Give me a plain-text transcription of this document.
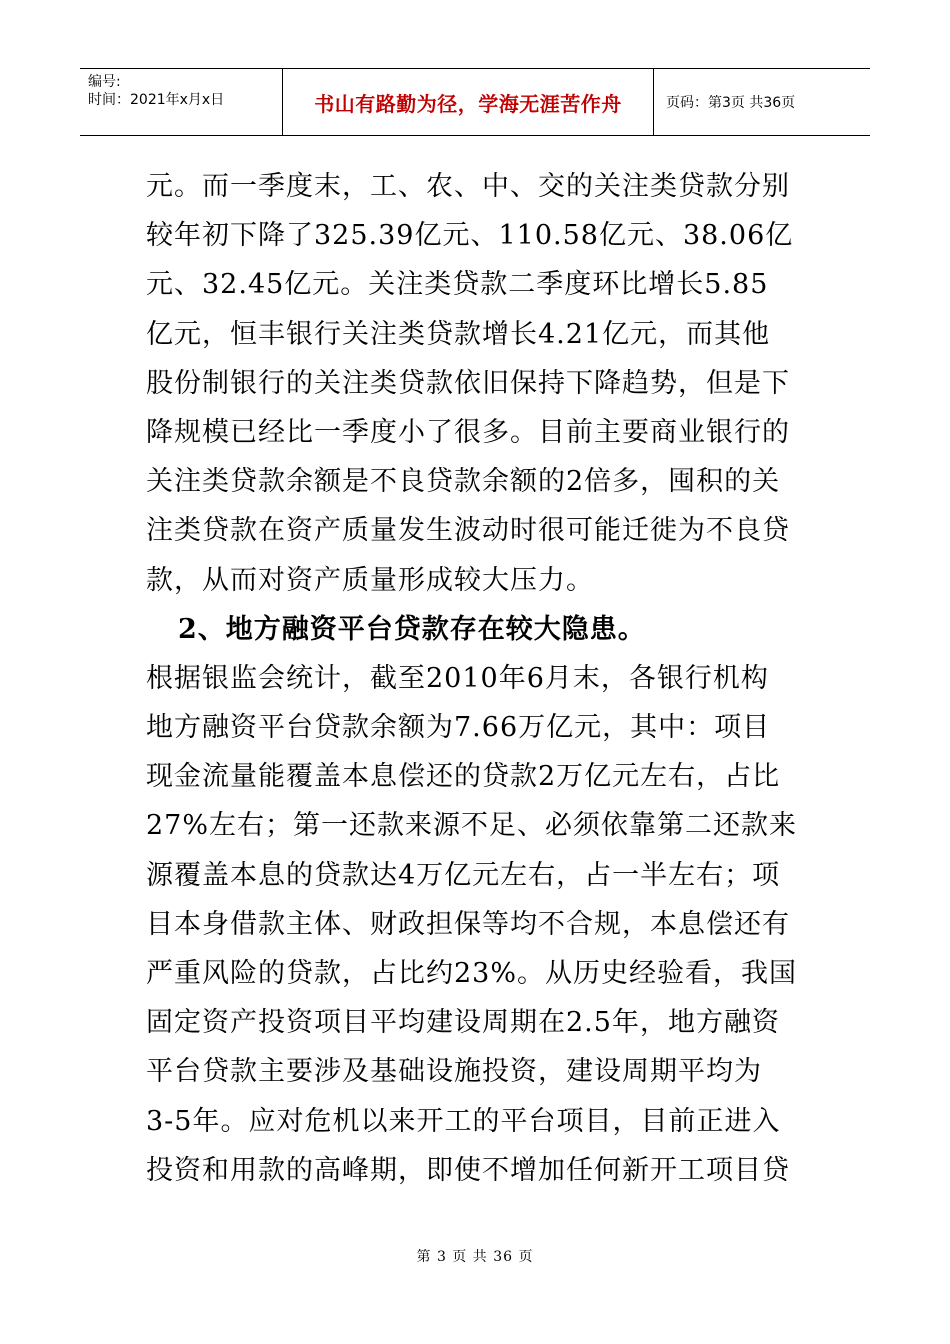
编号:
时间：2021年x月x日	书山有路勤为径，学海无涯苦作舟	页码：第3页 共36页
元。而一季度末，工、农、中、交的关注类贷款分别
较年初下降了325.39亿元、110.58亿元、38.06亿
元、32.45亿元。关注类贷款二季度环比增长5.85
亿元，恒丰银行关注类贷款增长4.21亿元，而其他
股份制银行的关注类贷款依旧保持下降趋势，但是下
降规模已经比一季度小了很多。目前主要商业银行的
关注类贷款余额是不良贷款余额的2倍多，囤积的关
注类贷款在资产质量发生波动时很可能迁徙为不良贷
款，从而对资产质量形成较大压力。
2、地方融资平台贷款存在较大隐患。
根据银监会统计，截至2010年6月末，各银行机构
地方融资平台贷款余额为7.66万亿元，其中：项目
现金流量能覆盖本息偿还的贷款2万亿元左右，占比
27%左右；第一还款来源不足、必须依靠第二还款来
源覆盖本息的贷款达4万亿元左右，占一半左右；项
目本身借款主体、财政担保等均不合规，本息偿还有
严重风险的贷款，占比约23%。从历史经验看，我国
固定资产投资项目平均建设周期在2.5年，地方融资
平台贷款主要涉及基础设施投资，建设周期平均为
3-5年。应对危机以来开工的平台项目，目前正进入
投资和用款的高峰期，即使不增加任何新开工项目贷
第 3 页 共 36 页
